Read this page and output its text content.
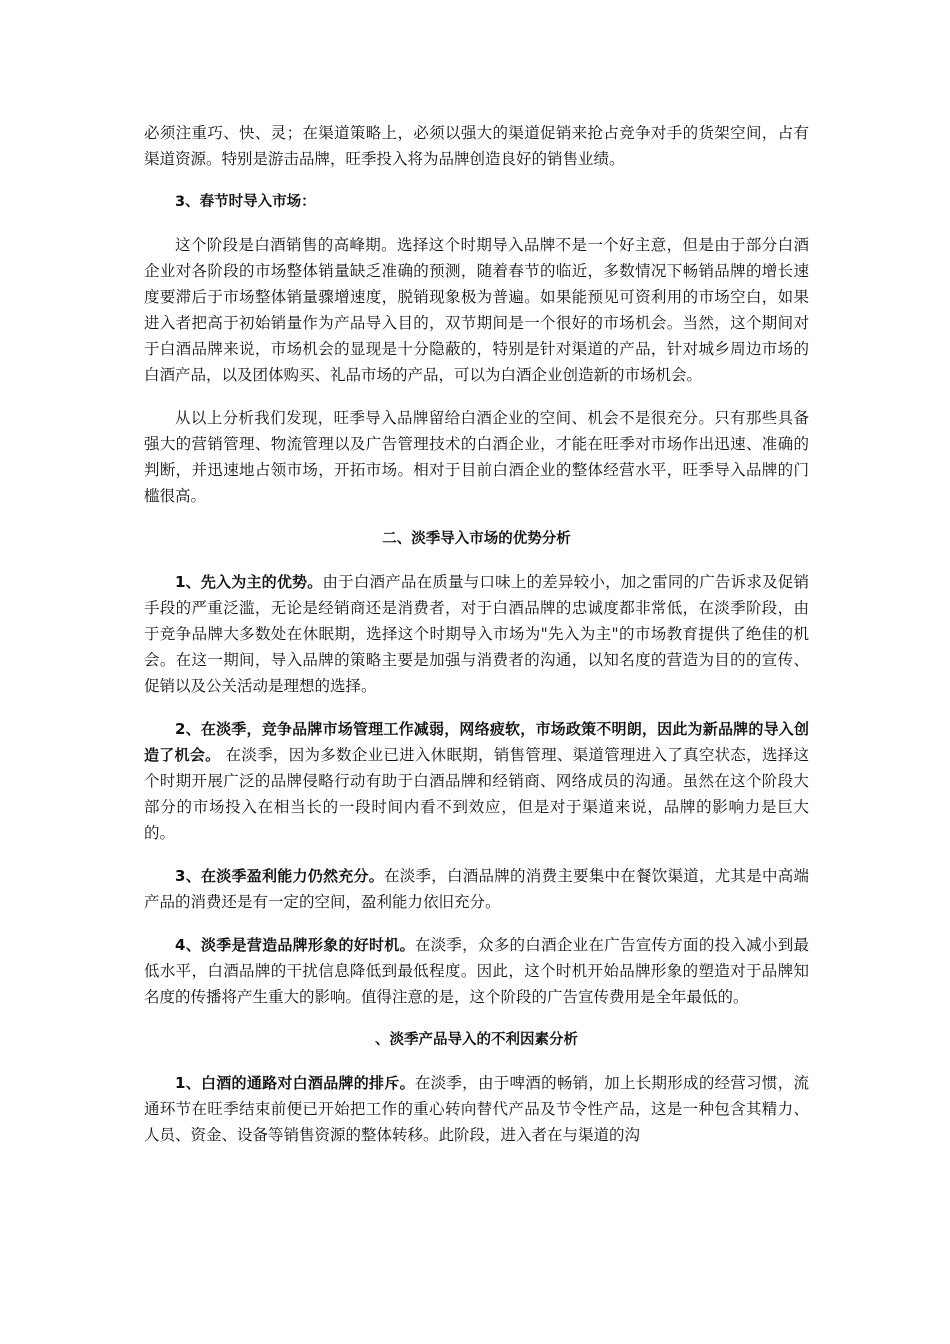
必须注重巧、快、灵；在渠道策略上，必须以强大的渠道促销来抢占竞争对手的货架空间，占有渠道资源。特别是游击品牌，旺季投入将为品牌创造良好的销售业绩。

3、春节时导入市场：

这个阶段是白酒销售的高峰期。选择这个时期导入品牌不是一个好主意，但是由于部分白酒企业对各阶段的市场整体销量缺乏准确的预测，随着春节的临近，多数情况下畅销品牌的增长速度要滞后于市场整体销量骤增速度，脱销现象极为普遍。如果能预见可资利用的市场空白，如果进入者把高于初始销量作为产品导入目的，双节期间是一个很好的市场机会。当然，这个期间对于白酒品牌来说，市场机会的显现是十分隐蔽的，特别是针对渠道的产品，针对城乡周边市场的白酒产品，以及团体购买、礼品市场的产品，可以为白酒企业创造新的市场机会。

从以上分析我们发现，旺季导入品牌留给白酒企业的空间、机会不是很充分。只有那些具备强大的营销管理、物流管理以及广告管理技术的白酒企业，才能在旺季对市场作出迅速、准确的判断，并迅速地占领市场，开拓市场。相对于目前白酒企业的整体经营水平，旺季导入品牌的门槛很高。

二、淡季导入市场的优势分析

1、先入为主的优势。由于白酒产品在质量与口味上的差异较小，加之雷同的广告诉求及促销手段的严重泛滥，无论是经销商还是消费者，对于白酒品牌的忠诚度都非常低，在淡季阶段，由于竞争品牌大多数处在休眠期，选择这个时期导入市场为"先入为主"的市场教育提供了绝佳的机会。在这一期间，导入品牌的策略主要是加强与消费者的沟通，以知名度的营造为目的的宣传、促销以及公关活动是理想的选择。

2、在淡季，竞争品牌市场管理工作减弱，网络疲软，市场政策不明朗，因此为新品牌的导入创造了机会。 在淡季，因为多数企业已进入休眠期，销售管理、渠道管理进入了真空状态，选择这个时期开展广泛的品牌侵略行动有助于白酒品牌和经销商、网络成员的沟通。虽然在这个阶段大部分的市场投入在相当长的一段时间内看不到效应，但是对于渠道来说，品牌的影响力是巨大的。

3、在淡季盈利能力仍然充分。在淡季，白酒品牌的消费主要集中在餐饮渠道，尤其是中高端产品的消费还是有一定的空间，盈利能力依旧充分。

4、淡季是营造品牌形象的好时机。在淡季，众多的白酒企业在广告宣传方面的投入减小到最低水平，白酒品牌的干扰信息降低到最低程度。因此，这个时机开始品牌形象的塑造对于品牌知名度的传播将产生重大的影响。值得注意的是，这个阶段的广告宣传费用是全年最低的。

、淡季产品导入的不利因素分析

1、白酒的通路对白酒品牌的排斥。在淡季，由于啤酒的畅销，加上长期形成的经营习惯，流通环节在旺季结束前便已开始把工作的重心转向替代产品及节令性产品，这是一种包含其精力、人员、资金、设备等销售资源的整体转移。此阶段，进入者在与渠道的沟
